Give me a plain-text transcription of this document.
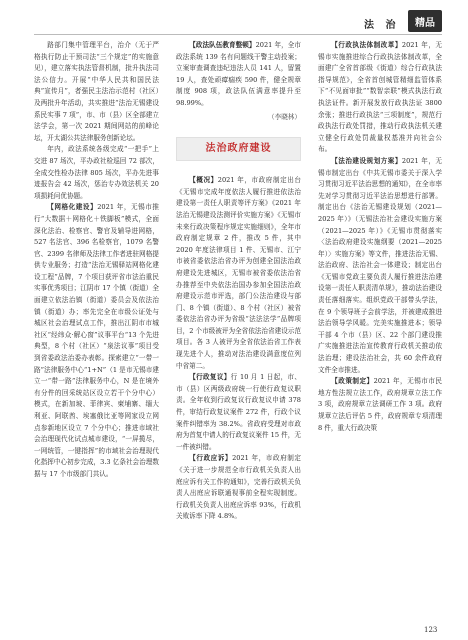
法 治	精品

路部门集中管理平台，治介（无于严格执行防止干预司法“三个规定”的实施意见），建立落实执法管督机制，批升执法司法公信力。开展“中华人民共和国民法典”宣传月”，者强民主法治示范村（社区）及两批升年活动，共实推进“法治无锡建设系民实事 7 项”，市、市（县）区全部建立法学会，第一次 2021 期间网站的前峰论坛，开太湖公共法律服务创新论坛。

年内，政法系统各级完成“一把手”上交进 87 场次，平办政社检巡回 72 部次，全成交性检办法律 805 场次，平办先进事迹报告会 42 场次，惩治专办效法机关 20 项损耗问优协题。

【网格化建设】2021 年，无锡市推行“大数据＋网格化＋铁脚板”模式，全面深化法治、检察官、警官及辅导进网格，527 名法官、396 名检察官，1079 名警官、2399 名律师及法律工作者进驻网格提供专业服务；打造“法治无锡驿站网格化建设工程”品牌，7 个项目获评省市法治重民实事优秀项目；江阴市 17 个镇（街道）全面建立依法治镇（街道）委员会及依法治镇（街道）办；率先完全在市级公证处与城区社会治理试点工作，推出江阴市市城社区“经纬众·解心窗”议事平台“13 个先进典型，8 个村（社区）“泉法议事”项目受到省委政法治委办表彰。探索建立“一带一路”法律服务中心“1+N”（1 是市无锡市建立一“带一路”法律服务中心，N 是在境外有分件的回采统站区设立若干个分中心）模式，在新加坡、菲律宾、柬埔寨、缅大利亚、阿联酋、埃塞俄比亚等网家设立网点参新地区设立 7 个分中心；推进市域社会治理现代化试点城市建设，“一屏揽尽，一网统管，一键指挥”的市域社会治理现代化指挥中心初步完成，3.3 亿条社会治理数据与 17 个市级部门共认。

【政法队伍教育整顿】2021 年，全市政法系统 139 名有问题线干警主动投案；立案审查调查违纪违法人员 141 人，留置 19 人，查处顽瘴痼疾 590 件，健全规章制度 908 项，政法队伍满意率提升至 98.99%。

（李晓林）
法治政府建设

【概况】2021 年，市政府制定出台《无锡市完成年度依法人履行推进依法治建设第一责任人职责等评方案》《2021 年法治无锡建设法测评价实施方案》《无锡市未来行政决策程序规定实施细则》，全年市政府制定规章 2 件，推改 5 件，其中 2020 年度法律项目 1 件、无锡市、江宁市被省委依法治省办评为创建全国法治政府建设先进城区，无锡市被省委依法治省办推荐至中央依法治国办参加全国法治政府建设示范市评选，部门公法治建设与部门、8 个镇（街道）、8 个村（社区）被省委依法治省办评为省级“法法法学”品牌项目，2 个市级被评为全省依法治省建设示范项目。各 3 人被评为全省依法治省工作表现先进个人，推动对法治建设满意度位列中省第二。

【行政复议】行 10 月 1 日起，市、市（县）区两级政府统一行使行政复议职责。全年收到行政复议行政复议申请 378 件，审结行政复议案件 272 件，行政个议案件纠错率为 38.2%。省政府受理对市政府为首复中请人的行政复议案件 15 件，无一件被纠错。

【行政应诉】2021 年，市政府制定《关于进一步规范全市行政机关负责人出庭应诉有关工作的通知》，完善行政机关负责人出庭应诉联通视事前全程实现制度。行政机关负责人出庭应诉率 93%，行政机关败诉率下降 4.8%。

【行政执法体制改革】2021 年，无锡市实施推进综合行政执法体制改革，全面建广全省首部级《街道）综合行政执法指导规范》，全省首创城管精细监管体系下“不见面审批”“数智亲联”模式执法行政执法证件。新开展发放行政执法证 3800 余张；推进行政执法“三项制度”，规范行政执法行政处罚措，推动行政执法机关建立健全行政处罚裁量权基准并向社会公布。

【法治建设规划方案】2021 年，无锡市制定出台《中共无锡市委关于深入学习贯彻习近平法治思想的通知》，在全市率先对学习贯彻习近平法治思想进行部署。制定出台《法治无锡建设规划（2021—2025 年）》（无锡法治社会建设实施方案（2021—2025 年）》《无锡市贯彻落实〈法治政府建设实施纲要（2021—2025 年）〉实施方案》等文件，推进法治无锡、法治政府、法治社会一体建设；制定出台《无锡市党政主要负责人履行推进法治建设第一责任人职责清单规》，推动法治建设责任落细落实。组织党政干部带头学法，在 9 个领导班子会前学法，并被建成推进法治领导学风暖。完美实施推进本；领导干部 4 个市（县）区、22 个部门建设推广实施推进法治宣传教育行政机关推动依法治理；建设法治社会，共 60 余件政府文件全市推进。

【政策制定】2021 年，无锡市市民地方性法规立法工作，政府规章立法工作 3 项，政府规章立法调研工作 3 项。政府规章立法后评估 5 件，政府规章专项清理 8 件，重大行政决策

123
